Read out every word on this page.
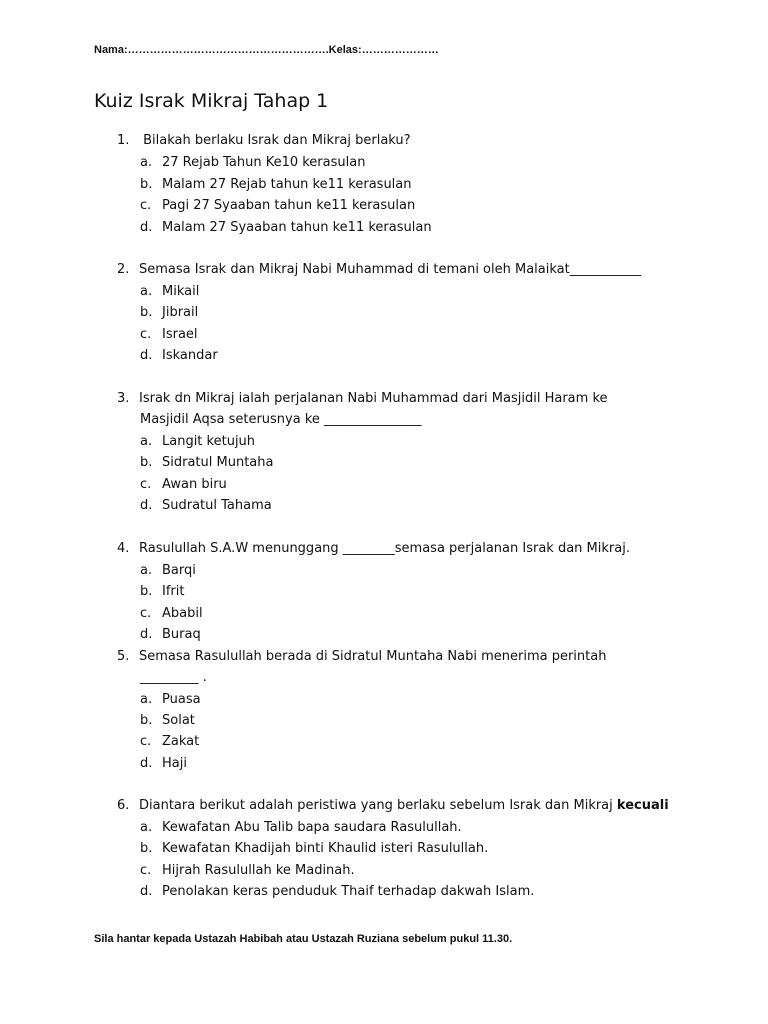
Nama:……………………………………………….Kelas:…………………
Kuiz Israk Mikraj Tahap 1
1. Bilakah berlaku Israk dan Mikraj berlaku?
a. 27 Rejab Tahun Ke10 kerasulan
b. Malam 27 Rejab tahun ke11 kerasulan
c. Pagi 27 Syaaban tahun ke11 kerasulan
d. Malam 27 Syaaban tahun ke11 kerasulan
2. Semasa Israk dan Mikraj Nabi Muhammad di temani oleh Malaikat___________
a. Mikail
b. Jibrail
c. Israel
d. Iskandar
3. Israk dn Mikraj ialah perjalanan Nabi Muhammad dari Masjidil Haram ke
Masjidil Aqsa seterusnya ke _______________
a. Langit ketujuh
b. Sidratul Muntaha
c. Awan biru
d. Sudratul Tahama
4. Rasulullah S.A.W menunggang ________semasa perjalanan Israk dan Mikraj.
a. Barqi
b. Ifrit
c. Ababil
d. Buraq
5. Semasa Rasulullah berada di Sidratul Muntaha Nabi menerima perintah
_________ .
a. Puasa
b. Solat
c. Zakat
d. Haji
6. Diantara berikut adalah peristiwa yang berlaku sebelum Israk dan Mikraj kecuali
a. Kewafatan Abu Talib bapa saudara Rasulullah.
b. Kewafatan Khadijah binti Khaulid isteri Rasulullah.
c. Hijrah Rasulullah ke Madinah.
d. Penolakan keras penduduk Thaif terhadap dakwah Islam.
Sila hantar kepada Ustazah Habibah atau Ustazah Ruziana sebelum pukul 11.30.
